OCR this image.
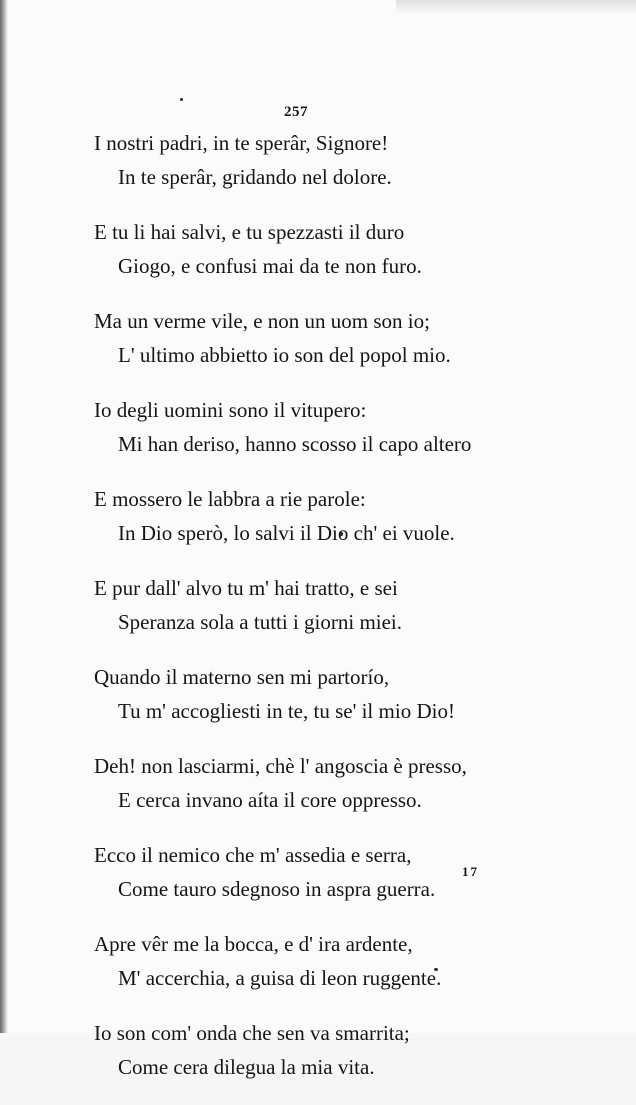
257
I nostri padri, in te sperâr, Signore!
In te sperâr, gridando nel dolore.
E tu li hai salvi, e tu spezzasti il duro
Giogo, e confusi mai da te non furo.
Ma un verme vile, e non un uom son io;
L' ultimo abbietto io son del popol mio.
Io degli uomini sono il vitupero:
Mi han deriso, hanno scosso il capo altero
E mossero le labbra a rie parole:
In Dio sperò, lo salvi il Dio ch' ei vuole.
E pur dall' alvo tu m' hai tratto, e sei
Speranza sola a tutti i giorni miei.
Quando il materno sen mi partorío,
Tu m' accogliesti in te, tu se' il mio Dio!
Deh! non lasciarmi, chè l' angoscia è presso,
E cerca invano aíta il core oppresso.
Ecco il nemico che m' assedia e serra,
Come tauro sdegnoso in aspra guerra.
Apre vêr me la bocca, e d' ira ardente,
M' accerchia, a guisa di leon ruggente.
Io son com' onda che sen va smarrita;
Come cera dilegua la mia vita.
17
